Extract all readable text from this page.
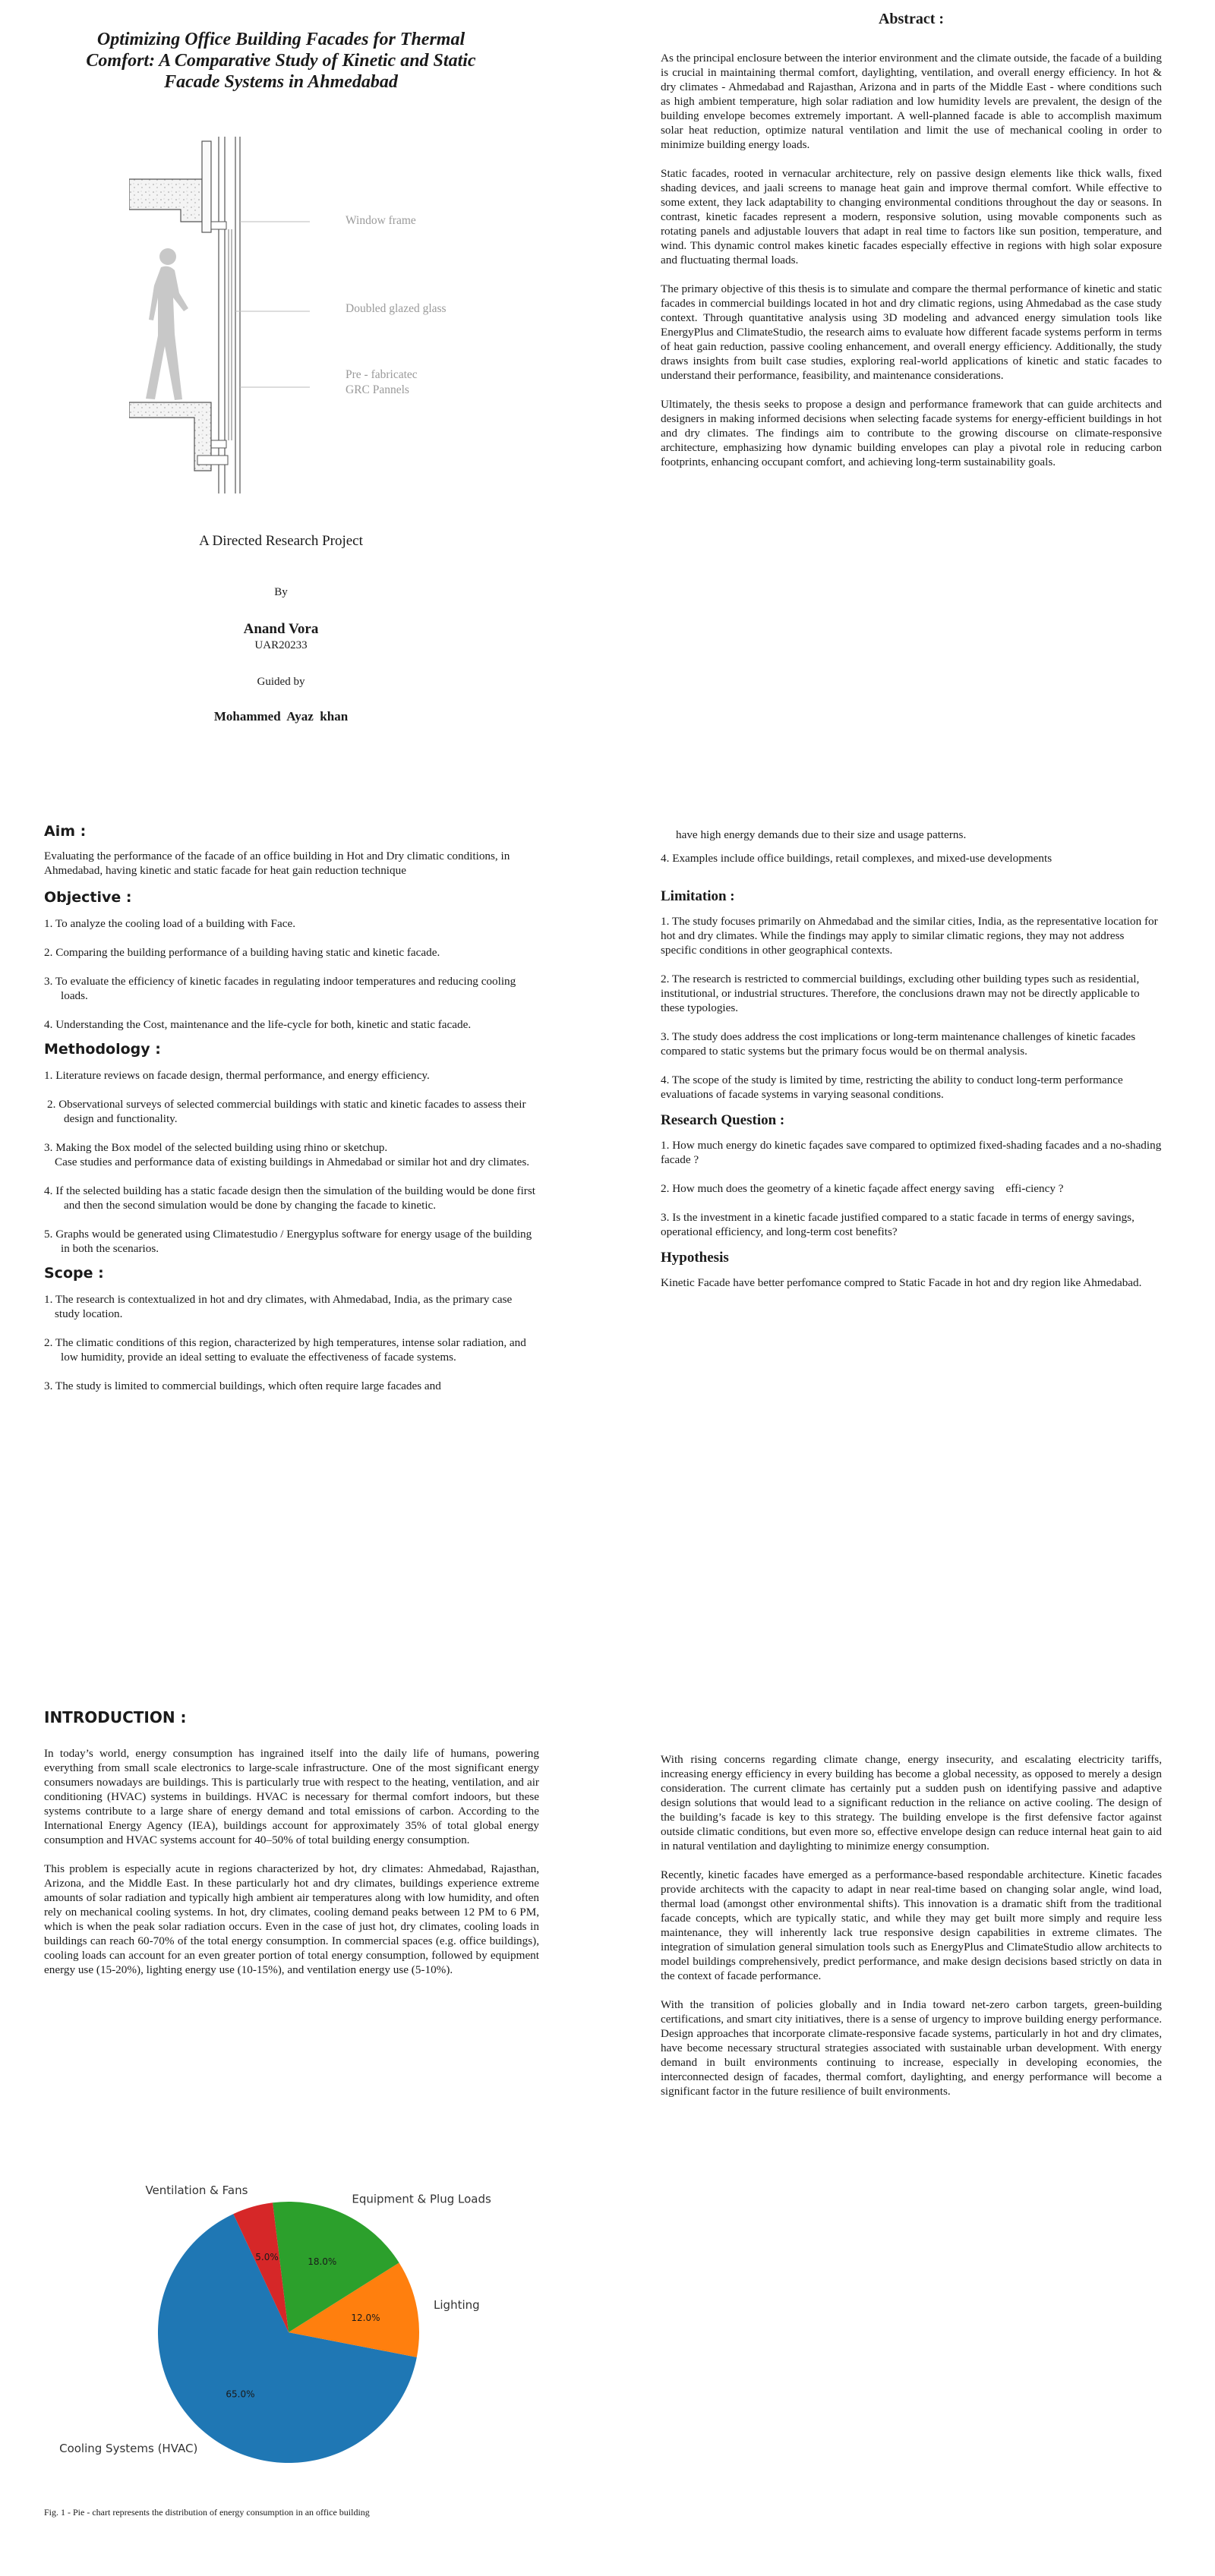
Optimizing Office Building Facades for Thermal Comfort: A Comparative Study of Kinetic and Static Facade Systems in Ahmedabad

Window frame
Doubled glazed glass
Pre - fabricatec
GRC Pannels
A Directed Research Project
By
Anand Vora
UAR20233
Guided by
Mohammed  Ayaz  khan
Abstract :

As the principal enclosure between the interior environment and the climate outside, the facade of a building is crucial in maintaining thermal comfort, daylighting, ventilation, and overall energy efficiency. In hot & dry climates - Ahmedabad and Rajasthan, Arizona and in parts of the Middle East - where conditions such as high ambient temperature, high solar radiation and low humidity levels are prevalent, the design of the building envelope becomes extremely important. A well-planned facade is able to accomplish maximum solar heat reduction, optimize natural ventilation and limit the use of mechanical cooling in order to minimize building energy loads.

Static facades, rooted in vernacular architecture, rely on passive design elements like thick walls, fixed shading devices, and jaali screens to manage heat gain and improve thermal comfort. While effective to some extent, they lack adaptability to changing environmental conditions throughout the day or seasons. In contrast, kinetic facades represent a modern, responsive solution, using movable components such as rotating panels and adjustable louvers that adapt in real time to factors like sun position, temperature, and wind. This dynamic control makes kinetic facades especially effective in regions with high solar exposure and fluctuating thermal loads.

The primary objective of this thesis is to simulate and compare the thermal performance of kinetic and static facades in commercial buildings located in hot and dry climatic regions, using Ahmedabad as the case study context. Through quantitative analysis using 3D modeling and advanced energy simulation tools like EnergyPlus and ClimateStudio, the research aims to evaluate how different facade systems perform in terms of heat gain reduction, passive cooling enhancement, and overall energy efficiency. Additionally, the study draws insights from built case studies, exploring real-world applications of kinetic and static facades to understand their performance, feasibility, and maintenance considerations.

Ultimately, the thesis seeks to propose a design and performance framework that can guide architects and designers in making informed decisions when selecting facade systems for energy-efficient buildings in hot and dry climates. The findings aim to contribute to the growing discourse on climate-responsive architecture, emphasizing how dynamic building envelopes can play a pivotal role in reducing carbon footprints, enhancing occupant comfort, and achieving long-term sustainability goals.

Aim :

Evaluating the performance of the facade of an office building in Hot and Dry climatic conditions, in Ahmedabad, having kinetic and static facade for heat gain reduction technique

Objective :

1. To analyze the cooling load of a building with Face.

2. Comparing the building performance of a building having static and kinetic facade.

3. To evaluate the efficiency of kinetic facades in regulating indoor temperatures and reducing cooling loads.

4. Understanding the Cost, maintenance and the life-cycle for both, kinetic and static facade.

Methodology :

1. Literature reviews on facade design, thermal performance, and energy efficiency.

2. Observational surveys of selected commercial buildings with static and kinetic facades to assess their design and functionality.

3. Making the Box model of the selected building using rhino or sketchup.

Case studies and performance data of existing buildings in Ahmedabad or similar hot and dry climates.

4. If the selected building has a static facade design then the simulation of the building would be done first and then the second simulation would be done by changing the facade to kinetic.

5. Graphs would be generated using Climatestudio / Energyplus software for energy usage of the building in both the scenarios.

Scope :

1. The research is contextualized in hot and dry climates, with Ahmedabad, India, as the primary case study location.

2. The climatic conditions of this region, characterized by high temperatures, intense solar radiation, and low humidity, provide an ideal setting to evaluate the effectiveness of facade systems.

3. The study is limited to commercial buildings, which often require large facades and

have high energy demands due to their size and usage patterns.

4. Examples include office buildings, retail complexes, and mixed-use developments

Limitation :

1. The study focuses primarily on Ahmedabad and the similar cities, India, as the representative location for hot and dry climates. While the findings may apply to similar climatic regions, they may not address specific conditions in other geographical contexts.

2. The research is restricted to commercial buildings, excluding other building types such as residential, institutional, or industrial structures. Therefore, the conclusions drawn may not be directly applicable to these typologies.

3. The study does address the cost implications or long-term maintenance challenges of kinetic facades compared to static systems but the primary focus would be on thermal analysis.

4. The scope of the study is limited by time, restricting the ability to conduct long-term performance evaluations of facade systems in varying seasonal conditions.

Research Question :

1. How much energy do kinetic façades save compared to optimized fixed-shading facades and a no-shading facade ?

2. How much does the geometry of a kinetic façade affect energy saving    effi-ciency ?

3. Is the investment in a kinetic facade justified compared to a static facade in terms of energy savings, operational efficiency, and long-term cost benefits?

Hypothesis

Kinetic Facade have better perfomance compred to Static Facade in hot and dry region like Ahmedabad.

INTRODUCTION :

In today’s world, energy consumption has ingrained itself into the daily life of humans, powering everything from small scale electronics to large-scale infrastructure. One of the most significant energy consumers nowadays are buildings. This is particularly true with respect to the heating, ventilation, and air conditioning (HVAC) systems in buildings. HVAC is necessary for thermal comfort indoors, but these systems contribute to a large share of energy demand and total emissions of carbon. According to the International Energy Agency (IEA), buildings account for approximately 35% of total global energy consumption and HVAC systems account for 40–50% of total building energy consumption.

This problem is especially acute in regions characterized by hot, dry climates: Ahmedabad, Rajasthan, Arizona, and the Middle East. In these particularly hot and dry climates, buildings experience extreme amounts of solar radiation and typically high ambient air temperatures along with low humidity, and often rely on mechanical cooling systems. In hot, dry climates, cooling demand peaks between 12 PM to 6 PM, which is when the peak solar radiation occurs. Even in the case of just hot, dry climates, cooling loads in buildings can reach 60-70% of the total energy consumption. In commercial spaces (e.g. office buildings), cooling loads can account for an even greater portion of total energy consumption, followed by equipment energy use (15-20%), lighting energy use (10-15%), and ventilation energy use (5-10%).

With rising concerns regarding climate change, energy insecurity, and escalating electricity tariffs, increasing energy efficiency in every building has become a global necessity, as opposed to merely a design consideration. The current climate has certainly put a sudden push on identifying passive and adaptive design solutions that would lead to a significant reduction in the reliance on active cooling. The design of the building’s facade is key to this strategy. The building envelope is the first defensive factor against outside climatic conditions, but even more so, effective envelope design can reduce internal heat gain to aid in natural ventilation and daylighting to minimize energy consumption.

Recently, kinetic facades have emerged as a performance-based respondable architecture. Kinetic facades provide architects with the capacity to adapt in near real-time based on changing solar angle, wind load, thermal load (amongst other environmental shifts). This innovation is a dramatic shift from the traditional facade concepts, which are typically static, and while they may get built more simply and require less maintenance, they will inherently lack true responsive design capabilities in extreme climates. The integration of simulation general simulation tools such as EnergyPlus and ClimateStudio allow architects to model buildings comprehensively, predict performance, and make design decisions based strictly on data in the context of facade performance.

With the transition of policies globally and in India toward net-zero carbon targets, green-building certifications, and smart city initiatives, there is a sense of urgency to improve building energy performance. Design approaches that incorporate climate-responsive facade systems, particularly in hot and dry climates, have become necessary structural strategies associated with sustainable urban development. With energy demand in built environments continuing to increase, especially in developing economies, the interconnected design of facades, thermal comfort, daylighting, and energy performance will become a significant factor in the future resilience of built environments.

65.0%
Cooling Systems (HVAC)
12.0%
Lighting
18.0%
Equipment & Plug Loads
5.0%
Ventilation & Fans
Fig. 1 - Pie - chart represents the distribution of energy consumption in an office building
